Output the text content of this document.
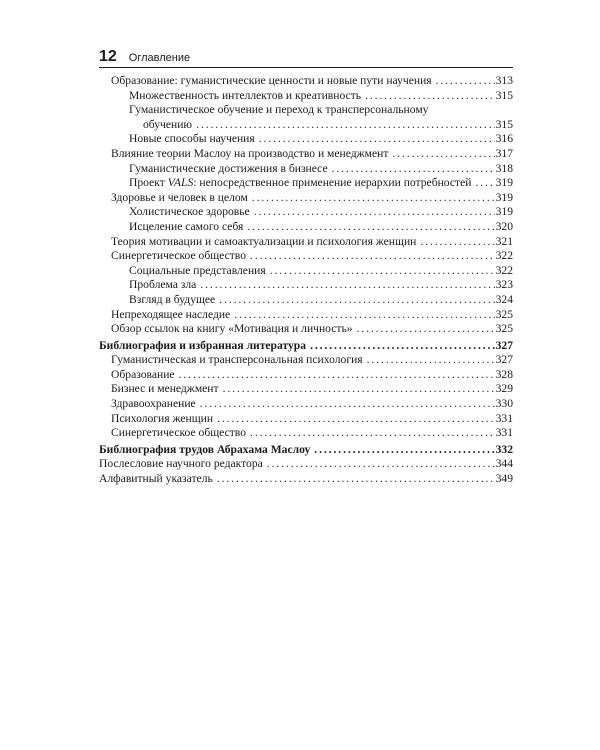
12 Оглавление
Образование: гуманистические ценности и новые пути научения . . .	313
Множественность интеллектов и креативность . . .	315
Гуманистическое обучение и переход к трансперсональному
обучению . . .	315
Новые способы научения . . .	316
Влияние теории Маслоу на производство и менеджмент . . .	317
Гуманистические достижения в бизнесе . . .	318
Проект VALS: непосредственное применение иерархии потребностей . . . 319
Здоровье и человек в целом . . .	319
Холистическое здоровье . . .	319
Исцеление самого себя . . .	320
Теория мотивации и самоактуализации и психология женщин . . .	321
Синергетическое общество . . .	322
Социальные представления . . .	322
Проблема зла . . .	323
Взгляд в будущее . . .	324
Непреходящее наследие . . .	325
Обзор ссылок на книгу «Мотивация и личность» . . .	325
Библиография и избранная литература . . .	327
Гуманистическая и трансперсональная психология . . .	327
Образование . . .	328
Бизнес и менеджмент . . .	329
Здравоохранение . . .	330
Психология женщин . . .	331
Синергетическое общество . . .	331
Библиография трудов Абрахама Маслоу . . .	332
Послесловие научного редактора . . .	344
Алфавитный указатель . . .	349
